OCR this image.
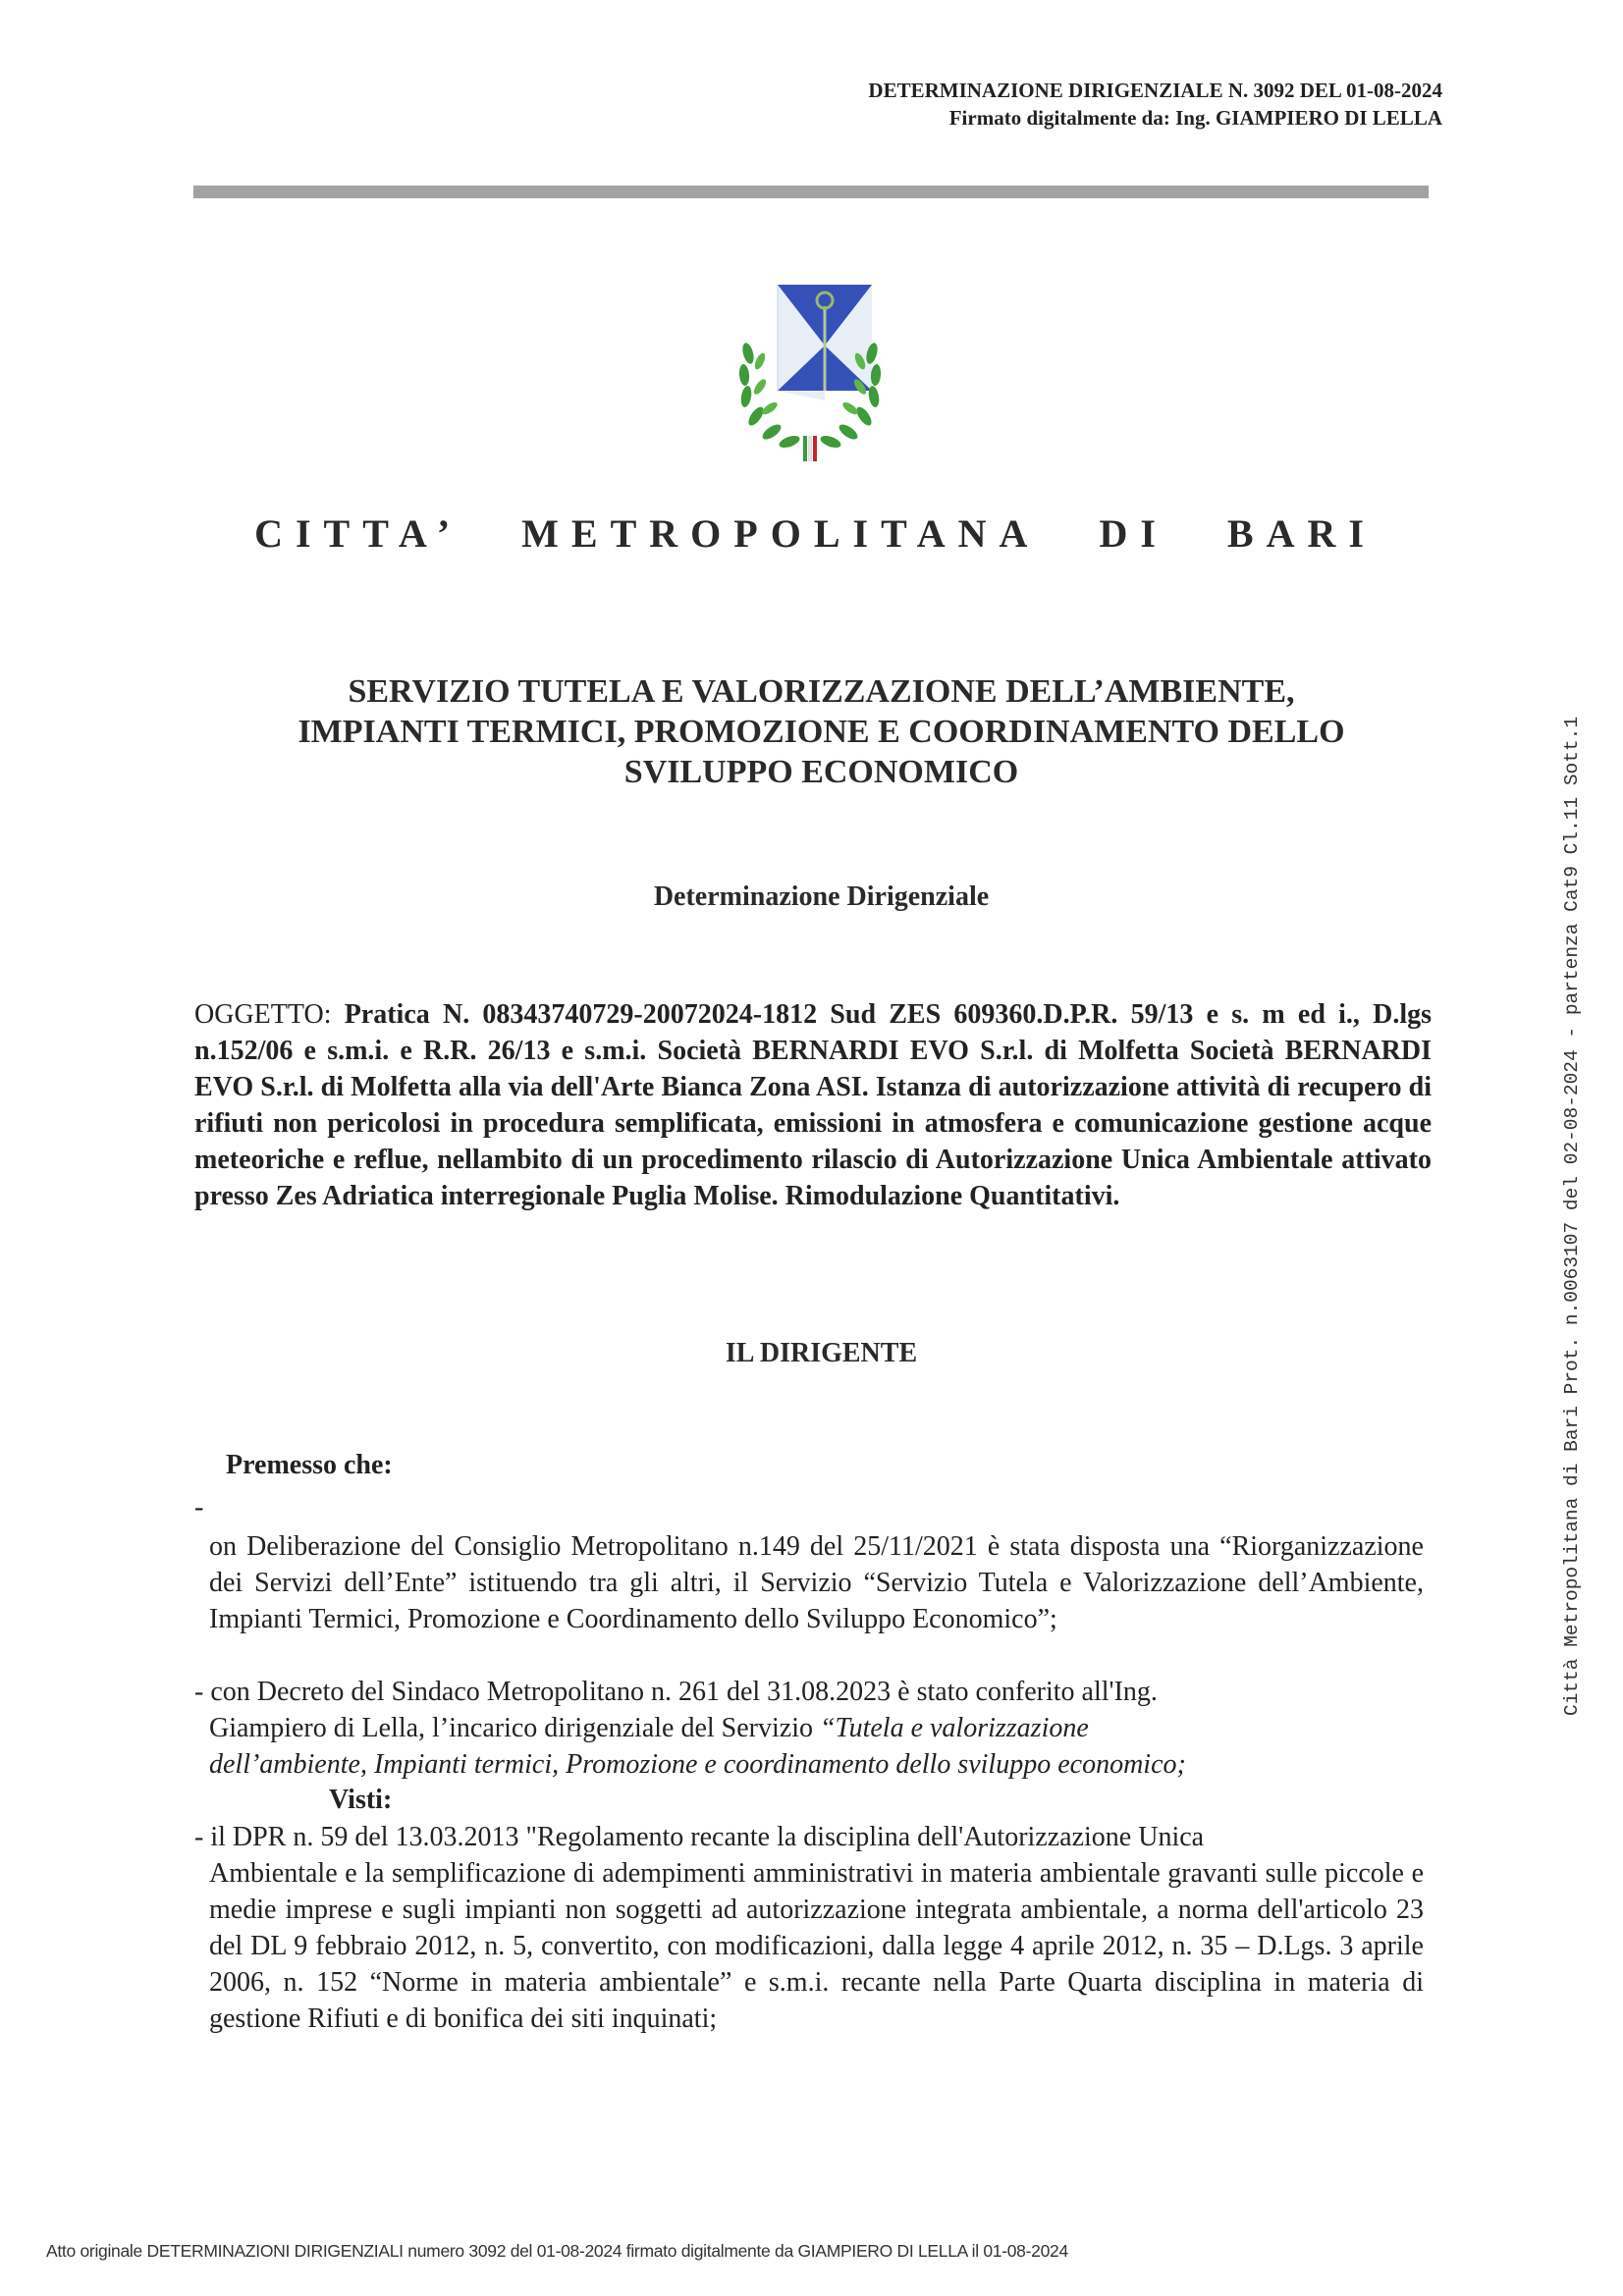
DETERMINAZIONE DIRIGENZIALE N. 3092 DEL 01-08-2024
Firmato digitalmente da: Ing. GIAMPIERO DI LELLA
CITTA’ METROPOLITANA DI BARI
SERVIZIO TUTELA E VALORIZZAZIONE DELL’AMBIENTE,
IMPIANTI TERMICI, PROMOZIONE E COORDINAMENTO DELLO
SVILUPPO ECONOMICO
Determinazione Dirigenziale
OGGETTO: Pratica N. 08343740729-20072024-1812 Sud ZES 609360.D.P.R. 59/13 e s. m ed i., D.lgs n.152/06 e s.m.i. e R.R. 26/13 e s.m.i. Società BERNARDI EVO S.r.l. di Molfetta Società BERNARDI EVO S.r.l. di Molfetta alla via dell'Arte Bianca Zona ASI. Istanza di autorizzazione attività di recupero di rifiuti non pericolosi in procedura semplificata, emissioni in atmosfera e comunicazione gestione acque meteoriche e reflue, nellambito di un procedimento rilascio di Autorizzazione Unica Ambientale attivato presso Zes Adriatica interregionale Puglia Molise. Rimodulazione Quantitativi.
IL DIRIGENTE
Premesso che:
-
on Deliberazione del Consiglio Metropolitano n.149 del 25/11/2021 è stata disposta una “Riorganizzazione dei Servizi dell’Ente” istituendo tra gli altri, il Servizio “Servizio Tutela e Valorizzazione dell’Ambiente, Impianti Termici, Promozione e Coordinamento dello Sviluppo Economico”;
- con Decreto del Sindaco Metropolitano n. 261 del 31.08.2023 è stato conferito all'Ing.
Giampiero di Lella, l’incarico dirigenziale del Servizio “Tutela e valorizzazione
dell’ambiente, Impianti termici, Promozione e coordinamento dello sviluppo economico;
Visti:
- il DPR n. 59 del 13.03.2013 "Regolamento recante la disciplina dell'Autorizzazione Unica
Ambientale e la semplificazione di adempimenti amministrativi in materia ambientale gravanti sulle piccole e medie imprese e sugli impianti non soggetti ad autorizzazione integrata ambientale, a norma dell'articolo 23 del DL 9 febbraio 2012, n. 5, convertito, con modificazioni, dalla legge 4 aprile 2012, n. 35 – D.Lgs. 3 aprile 2006, n. 152 “Norme in materia ambientale” e s.m.i. recante nella Parte Quarta disciplina in materia di gestione Rifiuti e di bonifica dei siti inquinati;
Città Metropolitana di Bari Prot. n.0063107 del 02-08-2024 - partenza Cat9 Cl.11 Sott.1
Atto originale DETERMINAZIONI DIRIGENZIALI numero 3092 del 01-08-2024 firmato digitalmente da GIAMPIERO DI LELLA il 01-08-2024
